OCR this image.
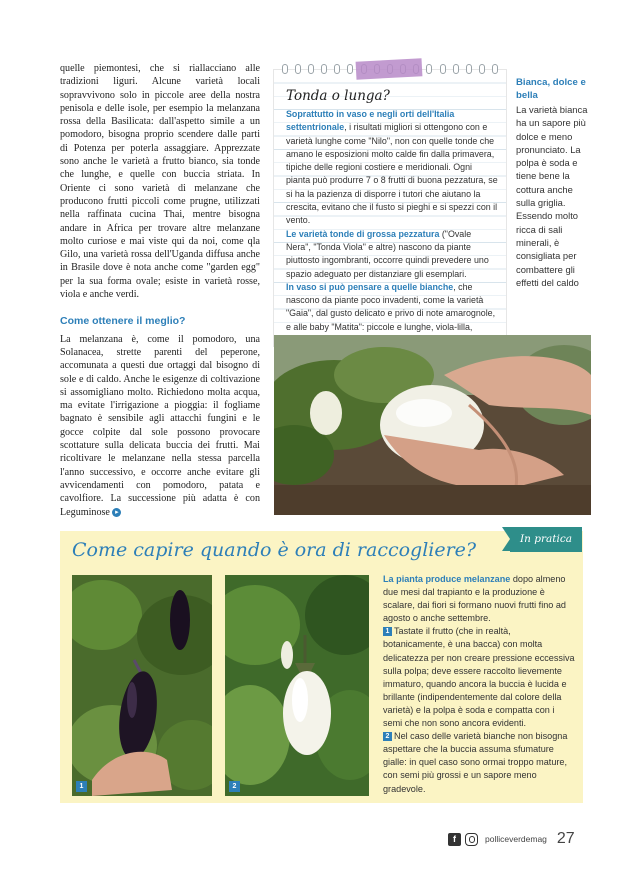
quelle piemontesi, che si riallacciano alle tradizioni liguri. Alcune varietà locali sopravvivono solo in piccole aree della nostra penisola e delle isole, per esempio la melanzana rossa della Basilicata: dall'aspetto simile a un pomodoro, bisogna proprio scendere dalle parti di Potenza per poterla assaggiare. Apprezzate sono anche le varietà a frutto bianco, sia tonde che lunghe, e quelle con buccia striata. In Oriente ci sono varietà di melanzane che producono frutti piccoli come prugne, utilizzati nella raffinata cucina Thai, mentre bisogna andare in Africa per trovare altre melanzane molto curiose e mai viste qui da noi, come qla Gilo, una varietà rossa dell'Uganda diffusa anche in Brasile dove è nota anche come "garden egg" per la sua forma ovale; esiste in varietà rosse, viola e anche verdi.

Come ottenere il meglio?

La melanzana è, come il pomodoro, una Solanacea, strette parenti del peperone, accomunata a questi due ortaggi dal bisogno di sole e di caldo. Anche le esigenze di coltivazione si assomigliano molto. Richiedono molta acqua, ma evitate l'irrigazione a pioggia: il fogliame bagnato è sensibile agli attacchi fungini e le gocce colpite dal sole possono provocare scottature sulla delicata buccia dei frutti. Mai ricoltivare le melanzane nella stessa parcella l'anno successivo, e occorre anche evitare gli avvicendamenti con pomodoro, patata e cavolfiore. La successione più adatta è con Leguminose ▸

Tonda o lunga?

Soprattutto in vaso e negli orti dell'Italia settentrionale, i risultati migliori si ottengono con e varietà lunghe come "Nilo", non con quelle tonde che amano le esposizioni molto calde fin dalla primavera, tipiche delle regioni costiere e meridionali. Ogni pianta può produrre 7 o 8 frutti di buona pezzatura, se si ha la pazienza di disporre i tutori che aiutano la crescita, evitano che il fusto si pieghi e si spezzi con il vento.

Le varietà tonde di grossa pezzatura ("Ovale Nera", "Tonda Viola" e altre) nascono da piante piuttosto ingombranti, occorre quindi prevedere uno spazio adeguato per distanziare gli esemplari.

In vaso si può pensare a quelle bianche, che nascono da piante poco invadenti, come la varietà "Gaia", dal gusto delicato e privo di note amarognole, e alle baby "Matita": piccole e lunghe, viola-lilla,

Bianca, dolce e bella

La varietà bianca ha un sapore più dolce e meno pronunciato. La polpa è soda e tiene bene la cottura anche sulla griglia. Essendo molto ricca di sali minerali, è consigliata per combattere gli effetti del caldo

In pratica
Come capire quando è ora di raccogliere?
1	2

La pianta produce melanzane dopo almeno due mesi dal trapianto e la produzione è scalare, dai fiori si formano nuovi frutti fino ad agosto o anche settembre.

1 Tastate il frutto (che in realtà, botanicamente, è una bacca) con molta delicatezza per non creare pressione eccessiva sulla polpa; deve essere raccolto lievemente immaturo, quando ancora la buccia è lucida e brillante (indipendentemente dal colore della varietà) e la polpa è soda e compatta con i semi che non sono ancora evidenti.

2 Nel caso delle varietà bianche non bisogna aspettare che la buccia assuma sfumature gialle: in quel caso sono ormai troppo mature, con semi più grossi e un sapore meno gradevole.

f	polliceverdemag 27
